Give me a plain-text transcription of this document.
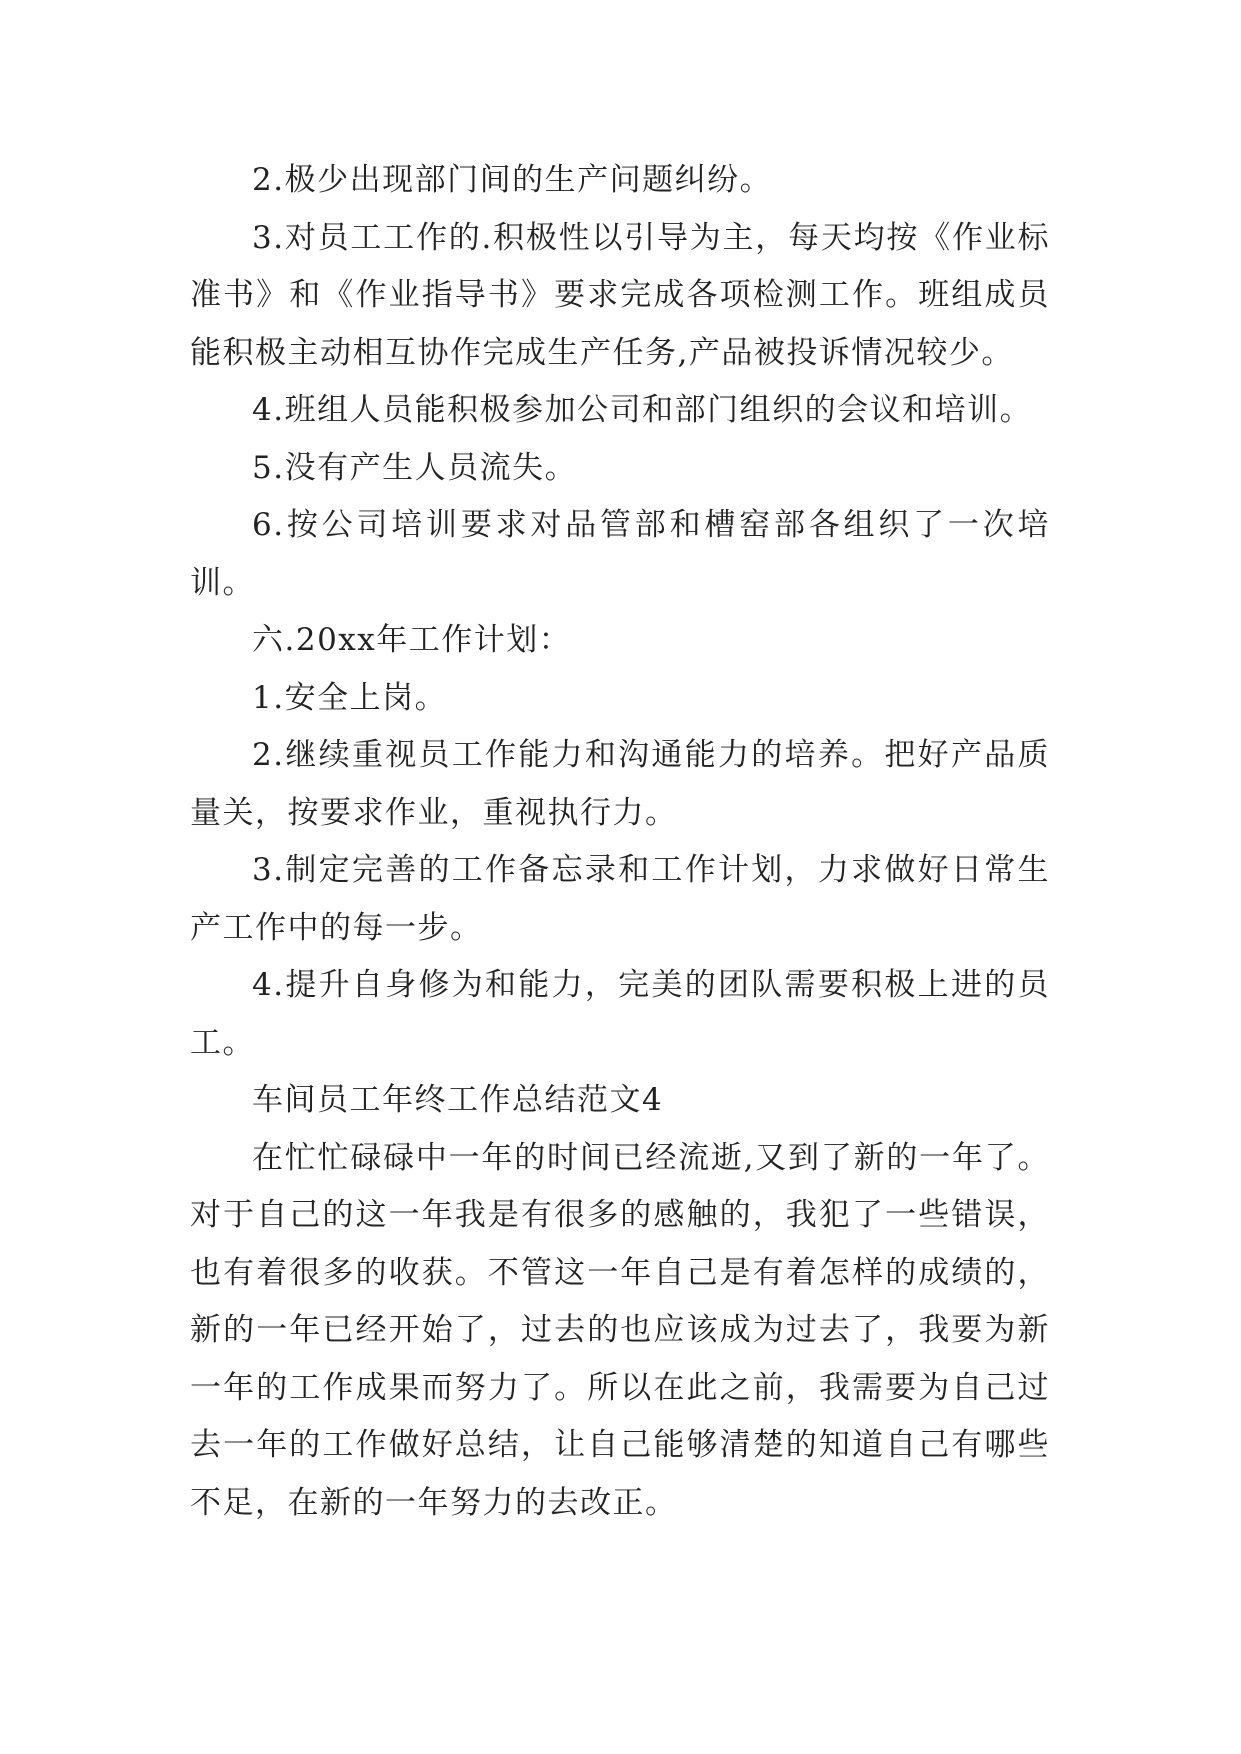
2.极少出现部门间的生产问题纠纷。

3.对员工工作的.积极性以引导为主，每天均按《作业标准书》和《作业指导书》要求完成各项检测工作。班组成员能积极主动相互协作完成生产任务,产品被投诉情况较少。

4.班组人员能积极参加公司和部门组织的会议和培训。

5.没有产生人员流失。

6.按公司培训要求对品管部和槽窑部各组织了一次培训。

六.20xx年工作计划：

1.安全上岗。

2.继续重视员工作能力和沟通能力的培养。把好产品质量关，按要求作业，重视执行力。

3.制定完善的工作备忘录和工作计划，力求做好日常生产工作中的每一步。

4.提升自身修为和能力，完美的团队需要积极上进的员工。

车间员工年终工作总结范文4

在忙忙碌碌中一年的时间已经流逝,又到了新的一年了。对于自己的这一年我是有很多的感触的，我犯了一些错误，也有着很多的收获。不管这一年自己是有着怎样的成绩的，新的一年已经开始了，过去的也应该成为过去了，我要为新一年的工作成果而努力了。所以在此之前，我需要为自己过去一年的工作做好总结，让自己能够清楚的知道自己有哪些不足，在新的一年努力的去改正。
